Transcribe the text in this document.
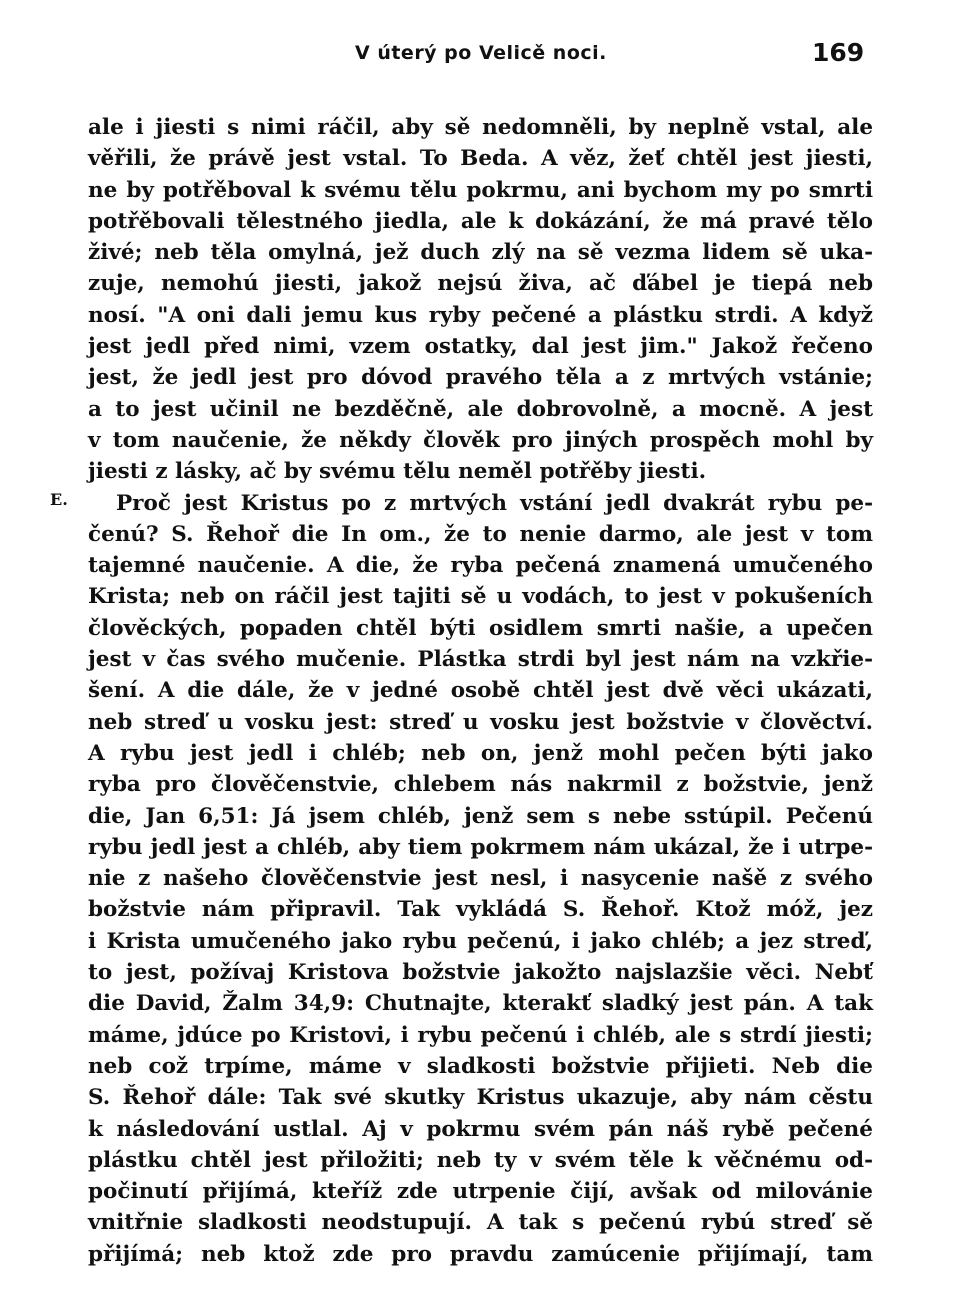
V úterý po Velicě noci.	169
E.
ale i jiesti s nimi ráčil, aby sě nedomněli, by neplně vstal, ale
věřili, že právě jest vstal. To Beda. A věz, žeť chtěl jest jiesti,
ne by potřěboval k svému tělu pokrmu, ani bychom my po smrti
potřěbovali tělestného jiedla, ale k dokázání, že má pravé tělo
živé; neb těla omylná, jež duch zlý na sě vezma lidem sě uka-
zuje, nemohú jiesti, jakož nejsú živa, ač ďábel je tiepá neb
nosí. "A oni dali jemu kus ryby pečené a plástku strdi. A když
jest jedl před nimi, vzem ostatky, dal jest jim." Jakož řečeno
jest, že jedl jest pro dóvod pravého těla a z mrtvých vstánie;
a to jest učinil ne bezděčně, ale dobrovolně, a mocně. A jest
v tom naučenie, že někdy člověk pro jiných prospěch mohl by
jiesti z lásky, ač by svému tělu neměl potřěby jiesti.
Proč jest Kristus po z mrtvých vstání jedl dvakrát rybu pe-
čenú? S. Řehoř die In om., že to nenie darmo, ale jest v tom
tajemné naučenie. A die, že ryba pečená znamená umučeného
Krista; neb on ráčil jest tajiti sě u vodách, to jest v pokušeních
člověckých, popaden chtěl býti osidlem smrti našie, a upečen
jest v čas svého mučenie. Plástka strdi byl jest nám na vzkřie-
šení. A die dále, že v jedné osobě chtěl jest dvě věci ukázati,
neb streď u vosku jest: streď u vosku jest božstvie v člověctví.
A rybu jest jedl i chléb; neb on, jenž mohl pečen býti jako
ryba pro člověčenstvie, chlebem nás nakrmil z božstvie, jenž
die, Jan 6,51: Já jsem chléb, jenž sem s nebe sstúpil. Pečenú
rybu jedl jest a chléb, aby tiem pokrmem nám ukázal, že i utrpe-
nie z našeho člověčenstvie jest nesl, i nasycenie našě z svého
božstvie nám připravil. Tak vykládá S. Řehoř. Ktož móž, jez
i Krista umučeného jako rybu pečenú, i jako chléb; a jez streď,
to jest, požívaj Kristova božstvie jakožto najslazšie věci. Nebť
die David, Žalm 34,9: Chutnajte, kterakť sladký jest pán. A tak
máme, jdúce po Kristovi, i rybu pečenú i chléb, ale s strdí jiesti;
neb což trpíme, máme v sladkosti božstvie přijieti. Neb die
S. Řehoř dále: Tak své skutky Kristus ukazuje, aby nám cěstu
k následování ustlal. Aj v pokrmu svém pán náš rybě pečené
plástku chtěl jest přiložiti; neb ty v svém těle k věčnému od-
počinutí přijímá, kteříž zde utrpenie čijí, avšak od milovánie
vnitřnie sladkosti neodstupují. A tak s pečenú rybú streď sě
přijímá; neb ktož zde pro pravdu zamúcenie přijímají, tam
